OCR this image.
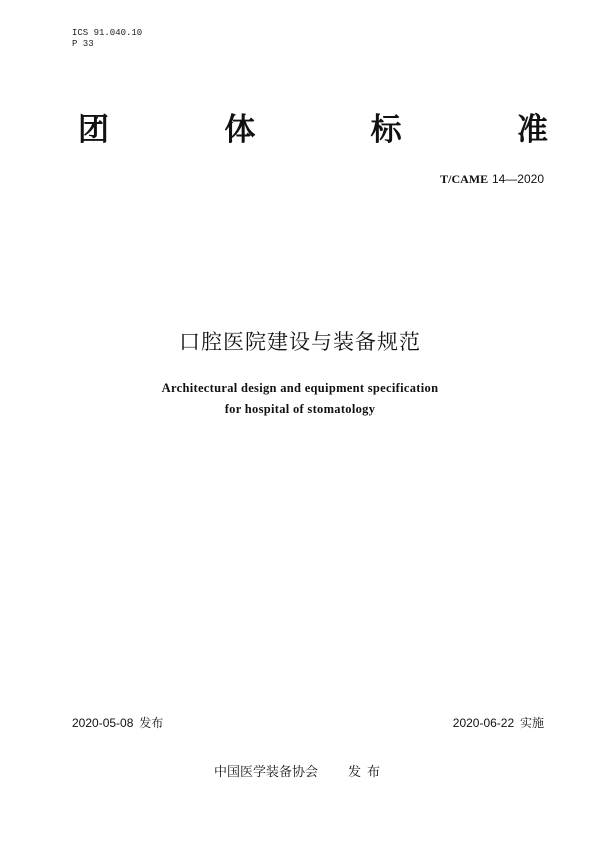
ICS 91.040.10
P 33
团	体	标	准
T/CAME 14—2020
口腔医院建设与装备规范
Architectural design and equipment specification
for hospital of stomatology
2020-05-08 发布	2020-06-22 实施
中国医学装备协会 发布
